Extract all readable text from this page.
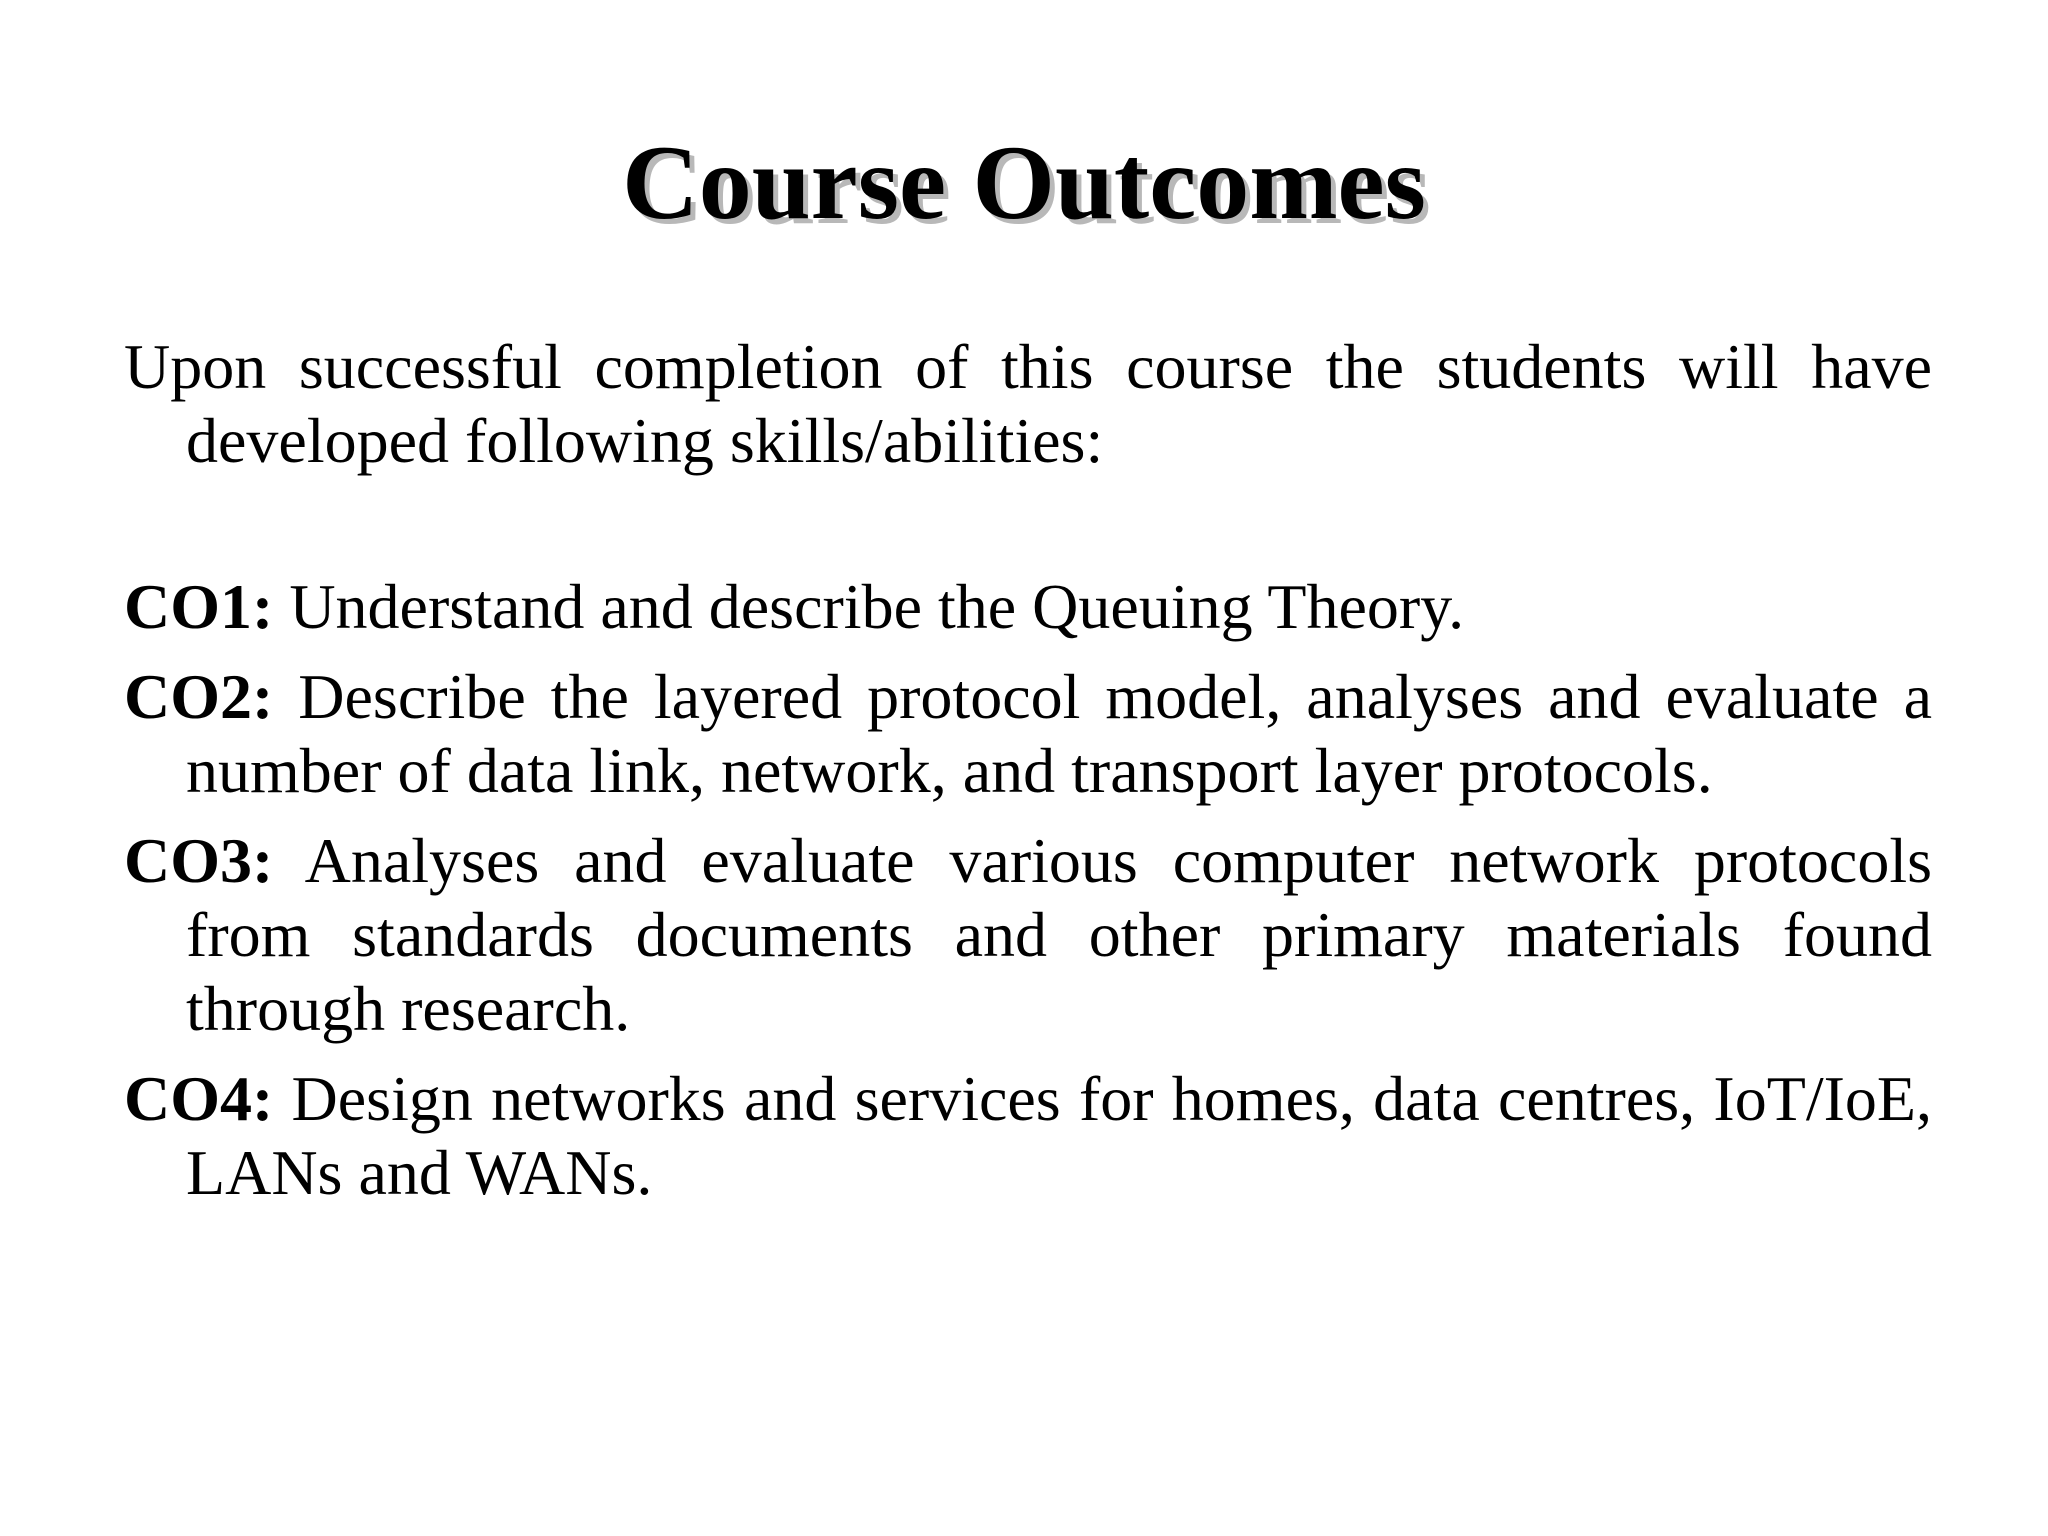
Course Outcomes

Upon successful completion of this course the students will have developed following skills/abilities:

CO1: Understand and describe the Queuing Theory.

CO2: Describe the layered protocol model, analyses and evaluate a number of data link, network, and transport layer protocols.

CO3: Analyses and evaluate various computer network protocols from standards documents and other primary materials found through research.

CO4: Design networks and services for homes, data centres, IoT/IoE, LANs and WANs.
